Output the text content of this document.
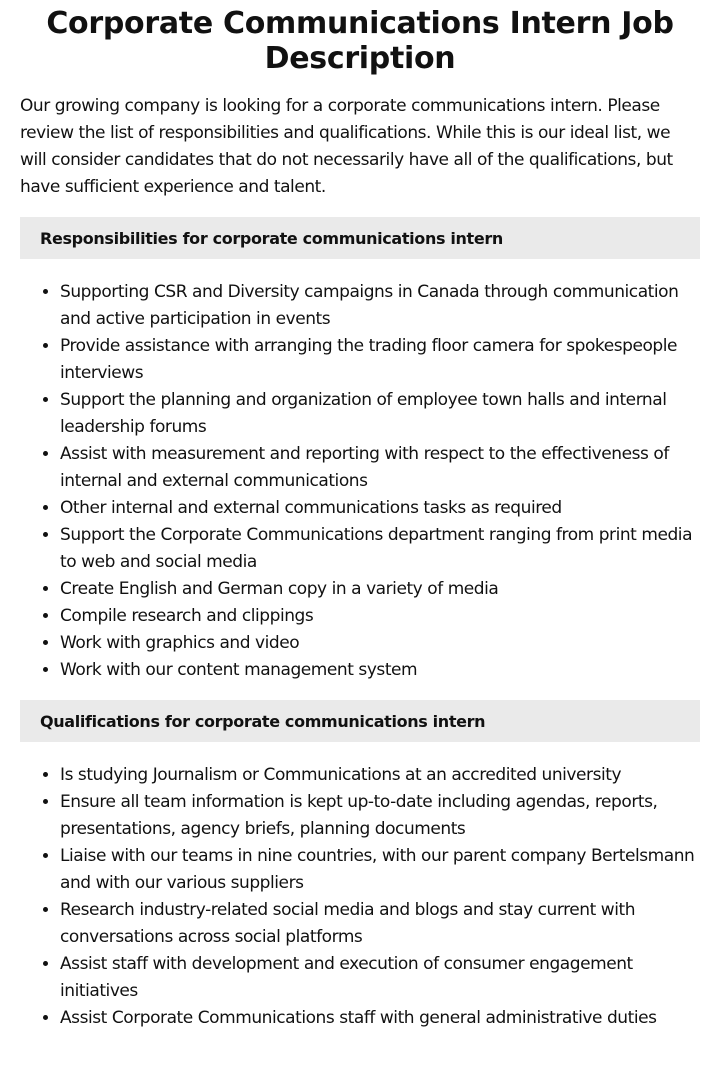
Corporate Communications Intern Job Description

Our growing company is looking for a corporate communications intern. Please review the list of responsibilities and qualifications. While this is our ideal list, we will consider candidates that do not necessarily have all of the qualifications, but have sufficient experience and talent.

Responsibilities for corporate communications intern
• Supporting CSR and Diversity campaigns in Canada through communication and active participation in events
• Provide assistance with arranging the trading floor camera for spokespeople interviews
• Support the planning and organization of employee town halls and internal leadership forums
• Assist with measurement and reporting with respect to the effectiveness of internal and external communications
• Other internal and external communications tasks as required
• Support the Corporate Communications department ranging from print media to web and social media
• Create English and German copy in a variety of media
• Compile research and clippings
• Work with graphics and video
• Work with our content management system
Qualifications for corporate communications intern
• Is studying Journalism or Communications at an accredited university
• Ensure all team information is kept up-to-date including agendas, reports, presentations, agency briefs, planning documents
• Liaise with our teams in nine countries, with our parent company Bertelsmann and with our various suppliers
• Research industry-related social media and blogs and stay current with conversations across social platforms
• Assist staff with development and execution of consumer engagement initiatives
• Assist Corporate Communications staff with general administrative duties
